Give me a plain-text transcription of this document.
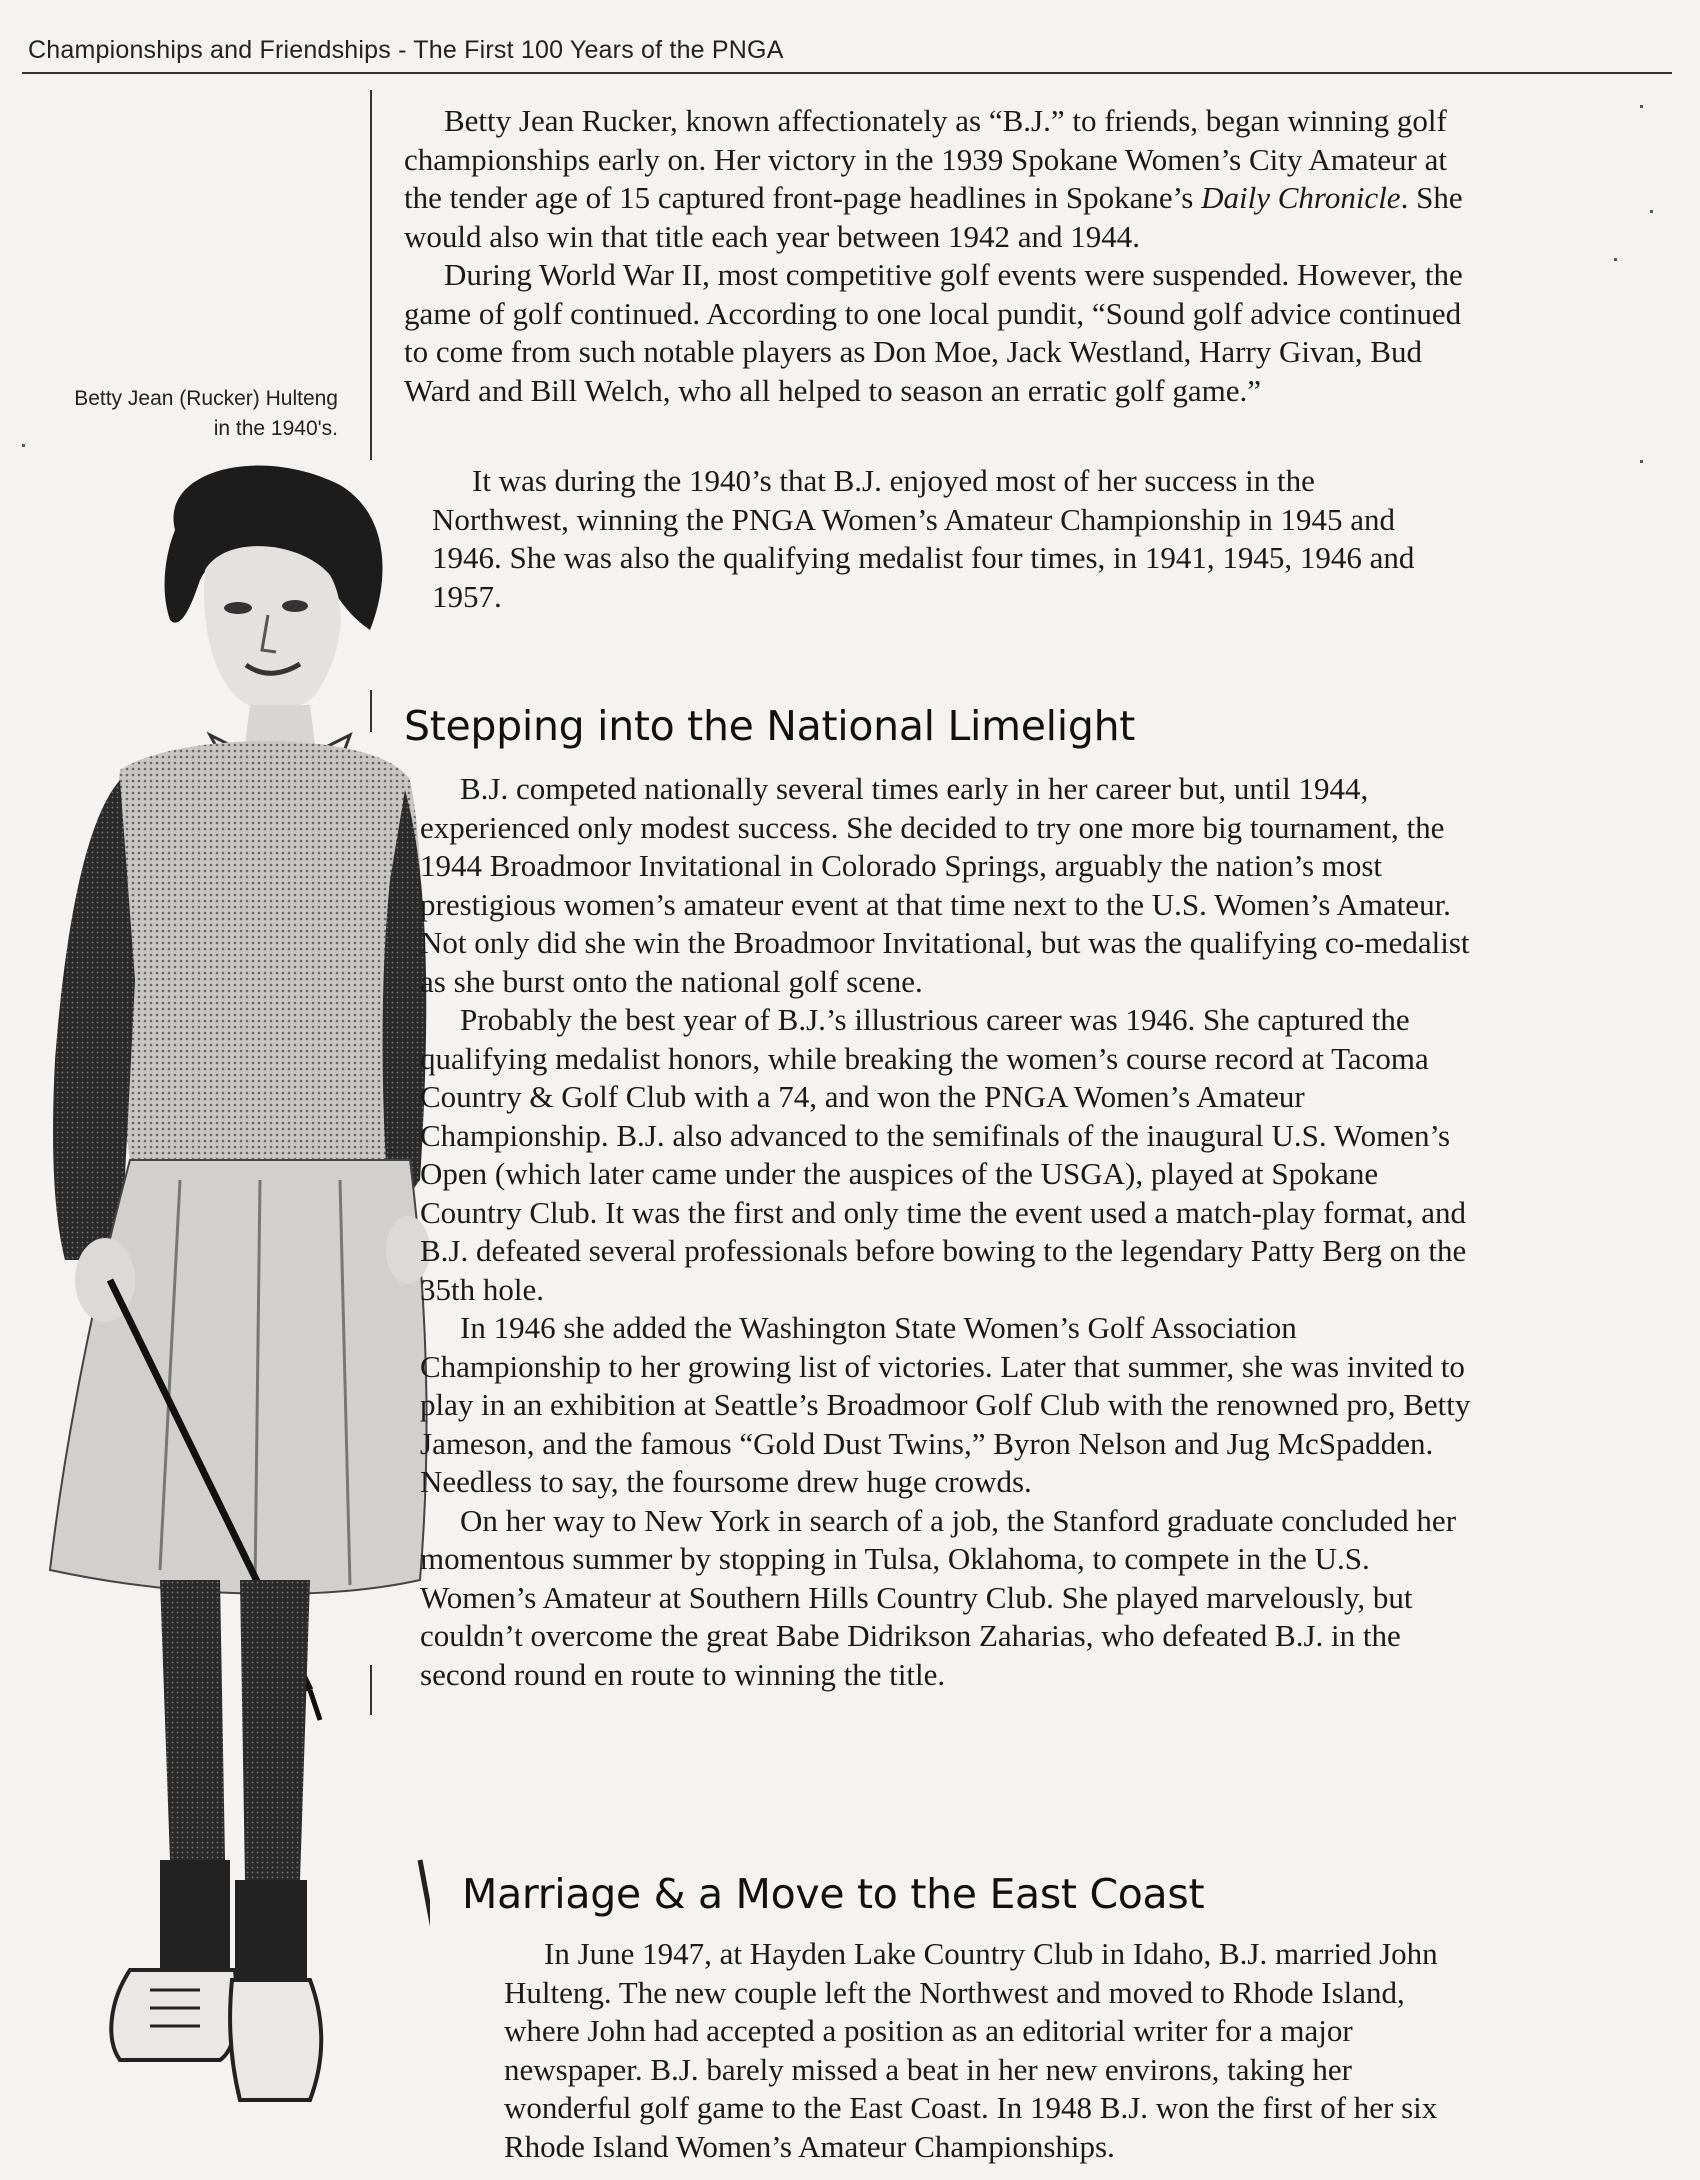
Championships and Friendships - The First 100 Years of the PNGA
Betty Jean (Rucker) Hulteng
in the 1940's.

Betty Jean Rucker, known affectionately as “B.J.” to friends, began winning golf championships early on. Her victory in the 1939 Spokane Women’s City Amateur at the tender age of 15 captured front-page headlines in Spokane’s Daily Chronicle. She would also win that title each year between 1942 and 1944.

During World War II, most competitive golf events were suspended. However, the game of golf continued. According to one local pundit, “Sound golf advice continued to come from such notable players as Don Moe, Jack Westland, Harry Givan, Bud Ward and Bill Welch, who all helped to season an erratic golf game.”

It was during the 1940’s that B.J. enjoyed most of her success in the Northwest, winning the PNGA Women’s Amateur Championship in 1945 and 1946. She was also the qualifying medalist four times, in 1941, 1945, 1946 and 1957.

Stepping into the National Limelight

B.J. competed nationally several times early in her career but, until 1944, experienced only modest success. She decided to try one more big tournament, the 1944 Broadmoor Invitational in Colorado Springs, arguably the nation’s most prestigious women’s amateur event at that time next to the U.S. Women’s Amateur. Not only did she win the Broadmoor Invitational, but was the qualifying co-medalist as she burst onto the national golf scene.

Probably the best year of B.J.’s illustrious career was 1946. She captured the qualifying medalist honors, while breaking the women’s course record at Tacoma Country & Golf Club with a 74, and won the PNGA Women’s Amateur Championship. B.J. also advanced to the semifinals of the inaugural U.S. Women’s Open (which later came under the auspices of the USGA), played at Spokane Country Club. It was the first and only time the event used a match-play format, and B.J. defeated several professionals before bowing to the legendary Patty Berg on the 35th hole.

In 1946 she added the Washington State Women’s Golf Association Championship to her growing list of victories. Later that summer, she was invited to play in an exhibition at Seattle’s Broadmoor Golf Club with the renowned pro, Betty Jameson, and the famous “Gold Dust Twins,” Byron Nelson and Jug McSpadden. Needless to say, the foursome drew huge crowds.

On her way to New York in search of a job, the Stanford graduate concluded her momentous summer by stopping in Tulsa, Oklahoma, to compete in the U.S. Women’s Amateur at Southern Hills Country Club. She played marvelously, but couldn’t overcome the great Babe Didrikson Zaharias, who defeated B.J. in the second round en route to winning the title.

Marriage & a Move to the East Coast

In June 1947, at Hayden Lake Country Club in Idaho, B.J. married John Hulteng. The new couple left the Northwest and moved to Rhode Island, where John had accepted a position as an editorial writer for a major newspaper. B.J. barely missed a beat in her new environs, taking her wonderful golf game to the East Coast. In 1948 B.J. won the first of her six Rhode Island Women’s Amateur Championships.
